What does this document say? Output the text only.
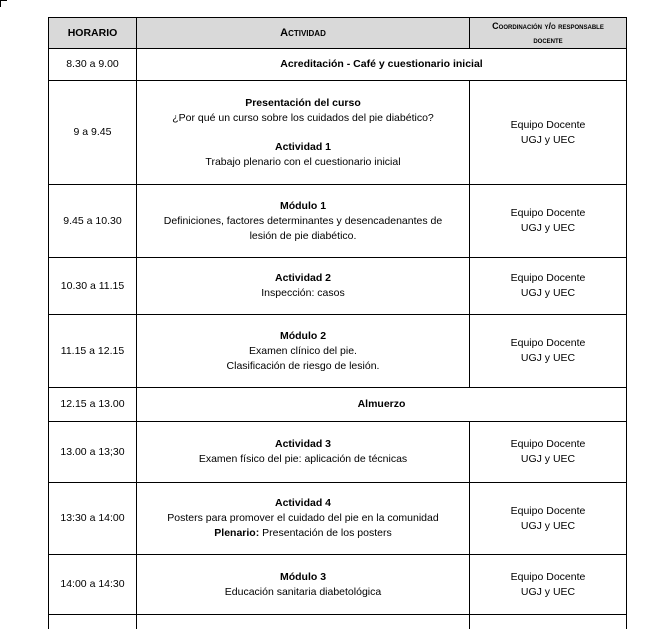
HORARIO	Actividad	Coordinación y/o responsable
docente

8.30 a 9.00	Acreditación - Café y cuestionario inicial	
9 a 9.45	Presentación del curso
¿Por qué un curso sobre los cuidados del pie diabético?
Actividad 1
Trabajo plenario con el cuestionario inicial	Equipo Docente
UGJ y UEC

9.45 a 10.30	Módulo 1
Definiciones, factores determinantes y desencadenantes de
lesión de pie diabético.	Equipo Docente
UGJ y UEC

10.30 a 11.15	Actividad 2
Inspección: casos	Equipo Docente
UGJ y UEC

11.15 a 12.15	Módulo 2
Examen clínico del pie.
Clasificación de riesgo de lesión.	Equipo Docente
UGJ y UEC

12.15 a 13.00	Almuerzo	
13.00 a 13;30	Actividad 3
Examen físico del pie: aplicación de técnicas	Equipo Docente
UGJ y UEC

13:30 a 14:00	Actividad 4
Posters para promover el cuidado del pie en la comunidad
Plenario: Presentación de los posters	Equipo Docente
UGJ y UEC

14:00 a 14:30	Módulo 3
Educación sanitaria diabetológica	Equipo Docente
UGJ y UEC
